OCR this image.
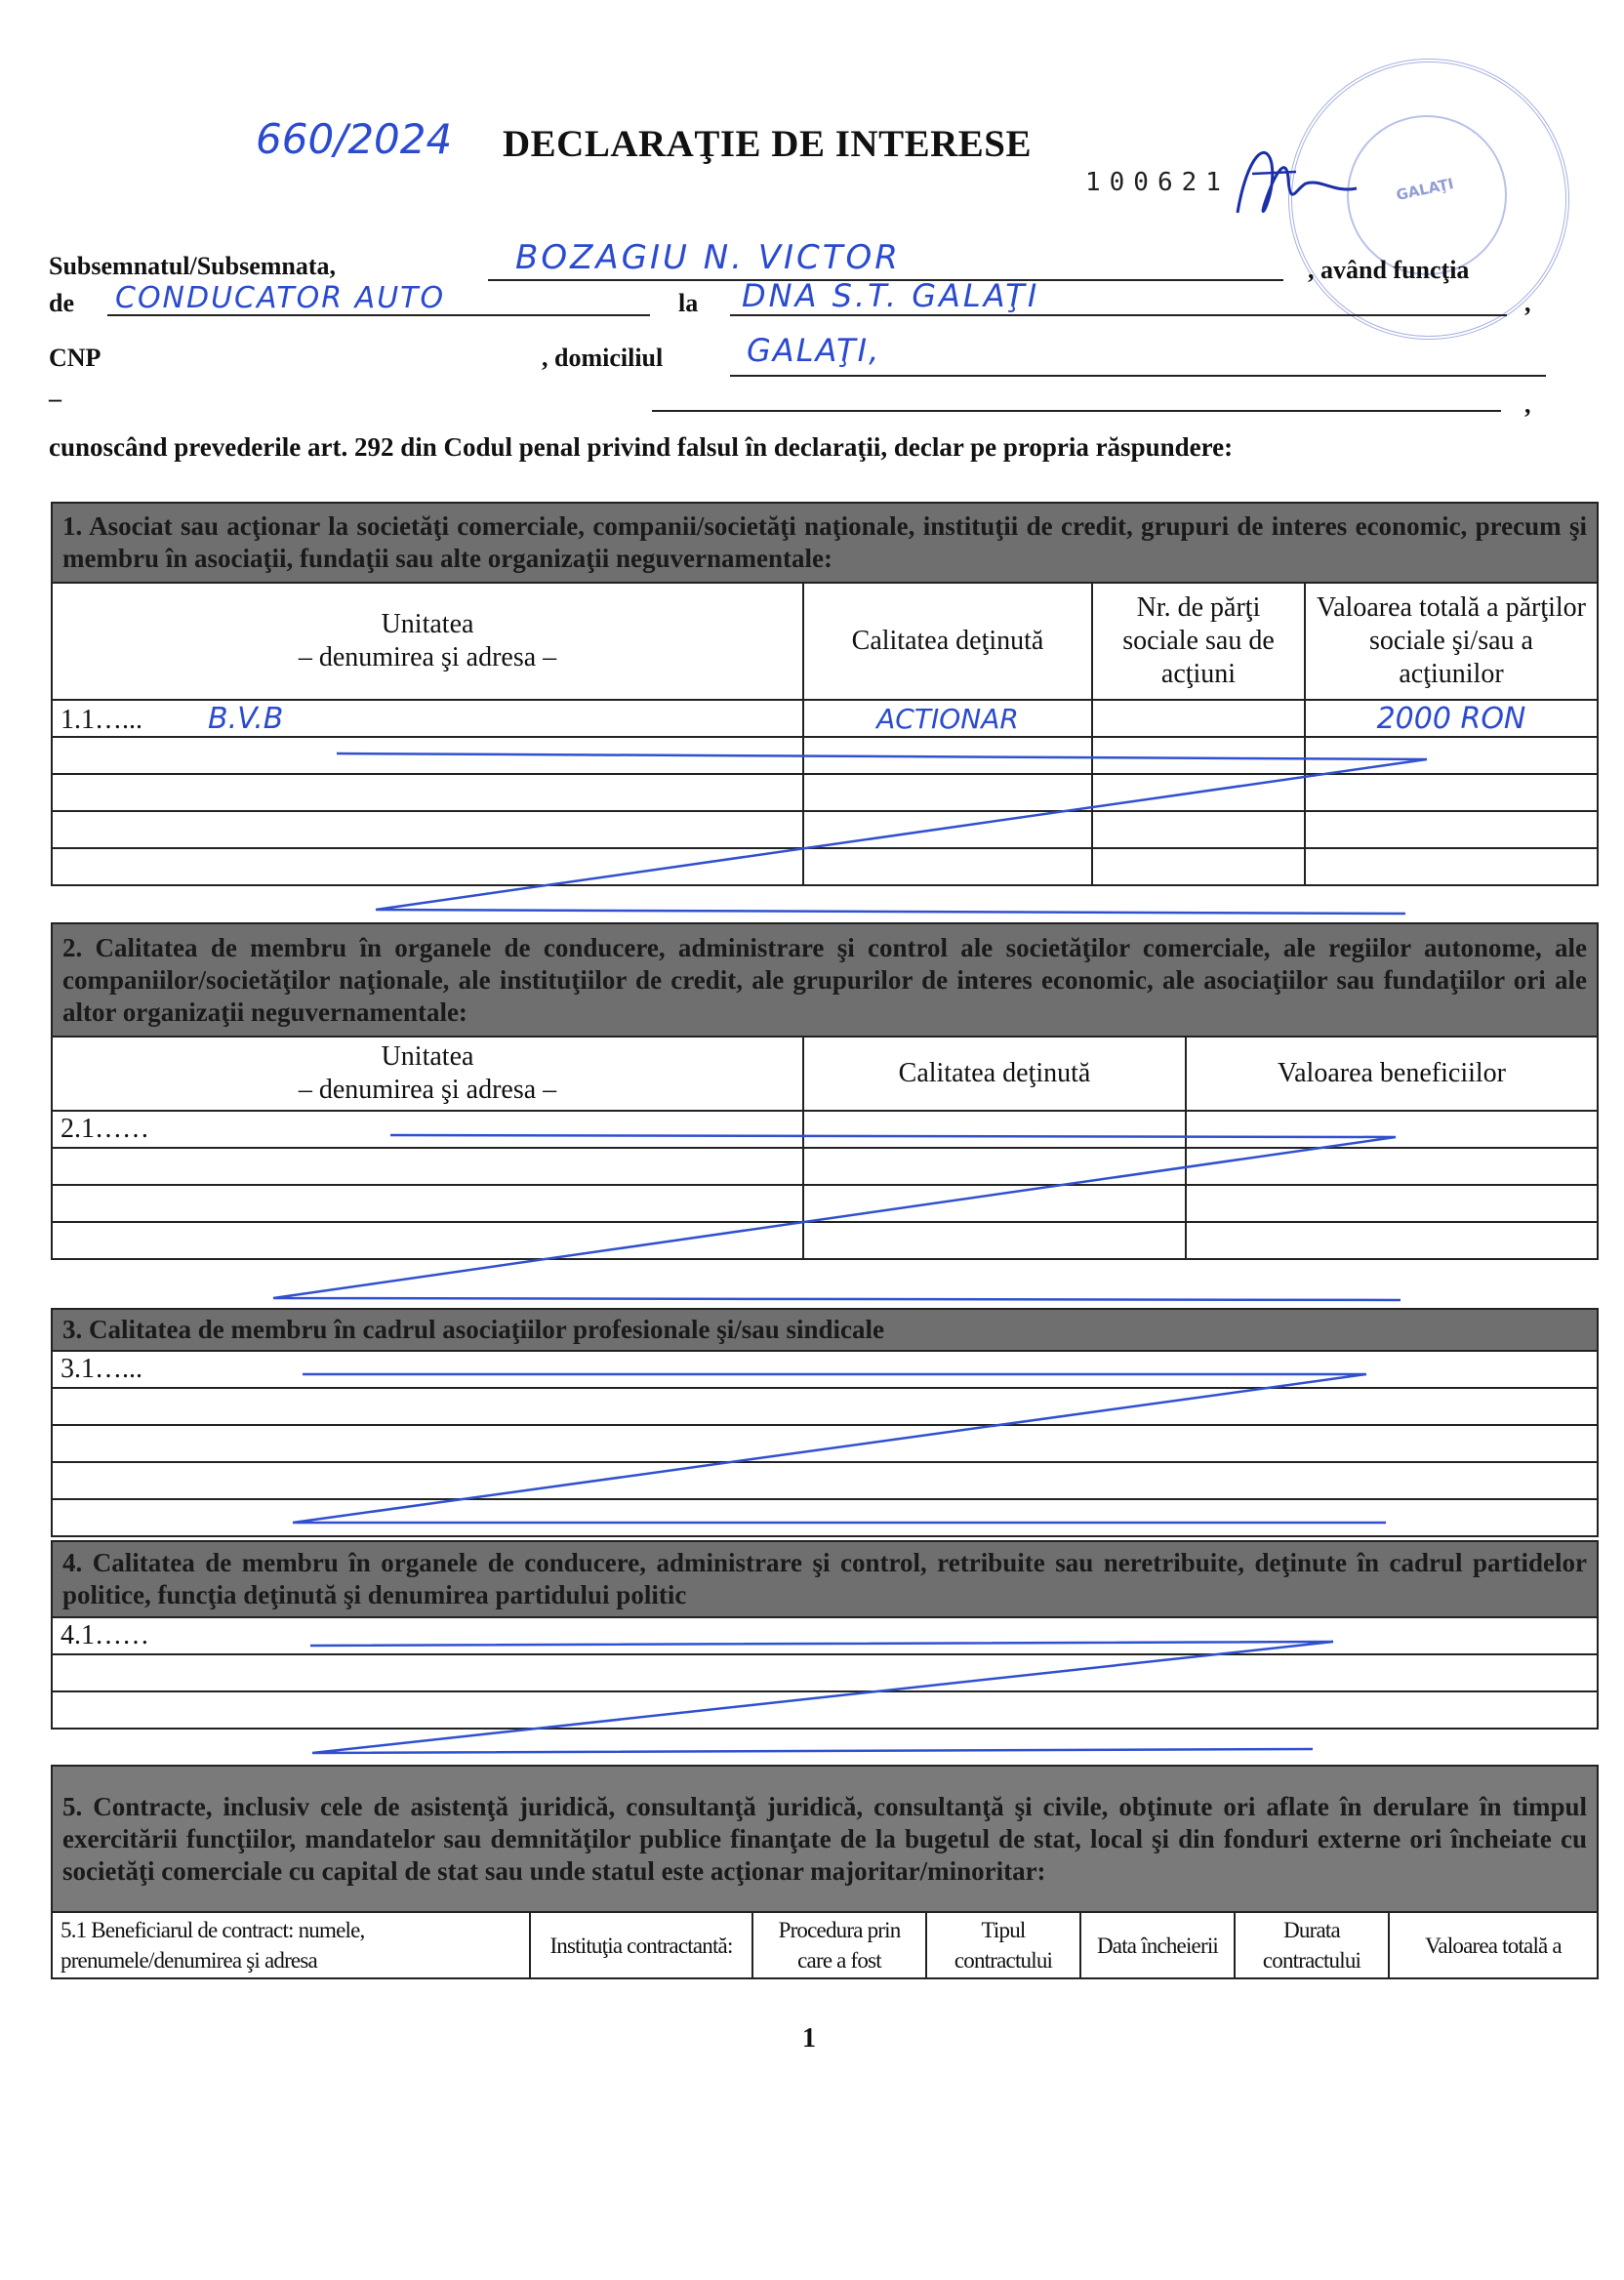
660/2024 DECLARAŢIE DE INTERESE
100621	GALAŢI
Subsemnatul/Subsemnata,	BOZAGIU N. VICTOR	, având funcţia
de CONDUCATOR AUTO	la DNA S.T. GALAŢI	,
CNP	, domiciliul	GALAŢI,
–	,
cunoscând prevederile art. 292 din Codul penal privind falsul în declaraţii, declar pe propria răspundere:
1. Asociat sau acţionar la societăţi comerciale, companii/societăţi naţionale, instituţii de credit, grupuri de interes economic, precum şi membru în asociaţii, fundaţii sau alte organizaţii neguvernamentale:			

Unitatea
– denumirea şi adresa –	Calitatea deţinută	Nr. de părţi sociale sau de acţiuni	Valoarea totală a părţilor sociale şi/sau a acţiunilor
1.1…... B.V.B	ACTIONAR		2000 RON

2. Calitatea de membru în organele de conducere, administrare şi control ale societăţilor comerciale, ale regiilor autonome, ale companiilor/societăţilor naţionale, ale instituţiilor de credit, ale grupurilor de interes economic, ale asociaţiilor sau fundaţiilor ori ale altor organizaţii neguvernamentale:		

Unitatea
– denumirea şi adresa –	Calitatea deţinută	Valoarea beneficiilor
2.1……		

3. Calitatea de membru în cadrul asociaţiilor profesionale şi/sau sindicale
3.1…...

4. Calitatea de membru în organele de conducere, administrare şi control, retribuite sau neretribuite, deţinute în cadrul partidelor politice, funcţia deţinută şi denumirea partidului politic
4.1……

5. Contracte, inclusiv cele de asistenţă juridică, consultanţă juridică, consultanţă şi civile, obţinute ori aflate în derulare în timpul exercitării funcţiilor, mandatelor sau demnităţilor publice finanţate de la bugetul de stat, local şi din fonduri externe ori încheiate cu societăţi comerciale cu capital de stat sau unde statul este acţionar majoritar/minoritar:
5.1 Beneficiarul de contract: numele, prenumele/denumirea şi adresa	Instituţia contractantă:	Procedura prin care a fost	Tipul contractului	Data încheierii	Durata contractului	Valoarea totală a
1
